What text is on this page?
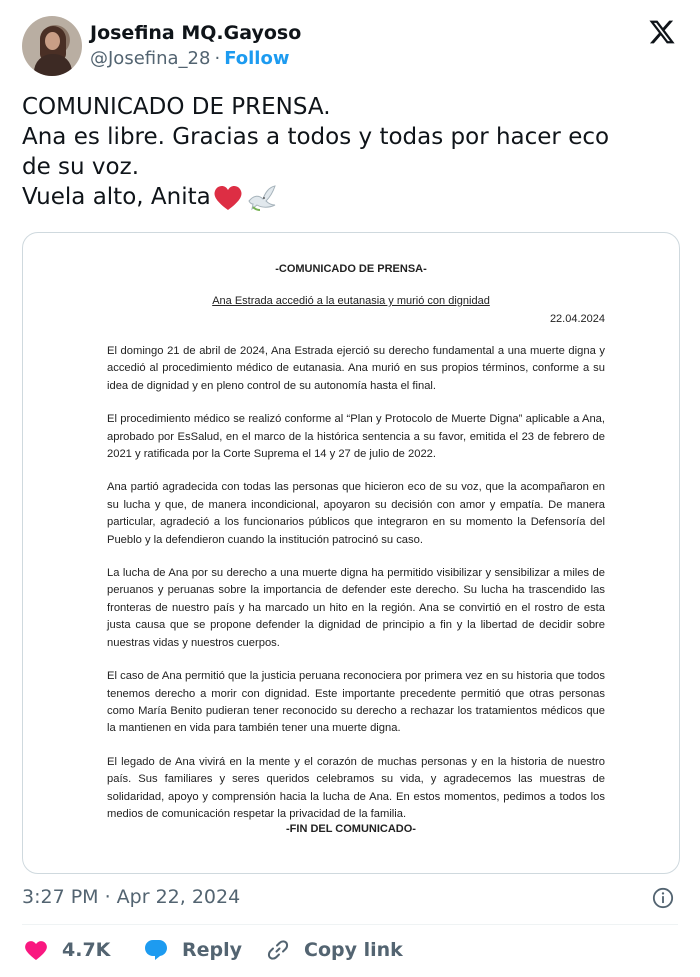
Josefina MQ.Gayoso
@Josefina_28 · Follow
COMUNICADO DE PRENSA.
Ana es libre. Gracias a todos y todas por hacer eco
de su voz.
Vuela alto, Anita
-COMUNICADO DE PRENSA-
Ana Estrada accedió a la eutanasia y murió con dignidad
22.04.2024

El domingo 21 de abril de 2024, Ana Estrada ejerció su derecho fundamental a una muerte digna y accedió al procedimiento médico de eutanasia. Ana murió en sus propios términos, conforme a su idea de dignidad y en pleno control de su autonomía hasta el final.

El procedimiento médico se realizó conforme al “Plan y Protocolo de Muerte Digna” aplicable a Ana, aprobado por EsSalud, en el marco de la histórica sentencia a su favor, emitida el 23 de febrero de 2021 y ratificada por la Corte Suprema el 14 y 27 de julio de 2022.

Ana partió agradecida con todas las personas que hicieron eco de su voz, que la acompañaron en su lucha y que, de manera incondicional, apoyaron su decisión con amor y empatía. De manera particular, agradeció a los funcionarios públicos que integraron en su momento la Defensoría del Pueblo y la defendieron cuando la institución patrocinó su caso.

La lucha de Ana por su derecho a una muerte digna ha permitido visibilizar y sensibilizar a miles de peruanos y peruanas sobre la importancia de defender este derecho. Su lucha ha trascendido las fronteras de nuestro país y ha marcado un hito en la región. Ana se convirtió en el rostro de esta justa causa que se propone defender la dignidad de principio a fin y la libertad de decidir sobre nuestras vidas y nuestros cuerpos.

El caso de Ana permitió que la justicia peruana reconociera por primera vez en su historia que todos tenemos derecho a morir con dignidad. Este importante precedente permitió que otras personas como María Benito pudieran tener reconocido su derecho a rechazar los tratamientos médicos que la mantienen en vida para también tener una muerte digna.

El legado de Ana vivirá en la mente y el corazón de muchas personas y en la historia de nuestro país. Sus familiares y seres queridos celebramos su vida, y agradecemos las muestras de solidaridad, apoyo y comprensión hacia la lucha de Ana. En estos momentos, pedimos a todos los medios de comunicación respetar la privacidad de la familia.

-FIN DEL COMUNICADO-
3:27 PM · Apr 22, 2024
4.7K	Reply	Copy link
